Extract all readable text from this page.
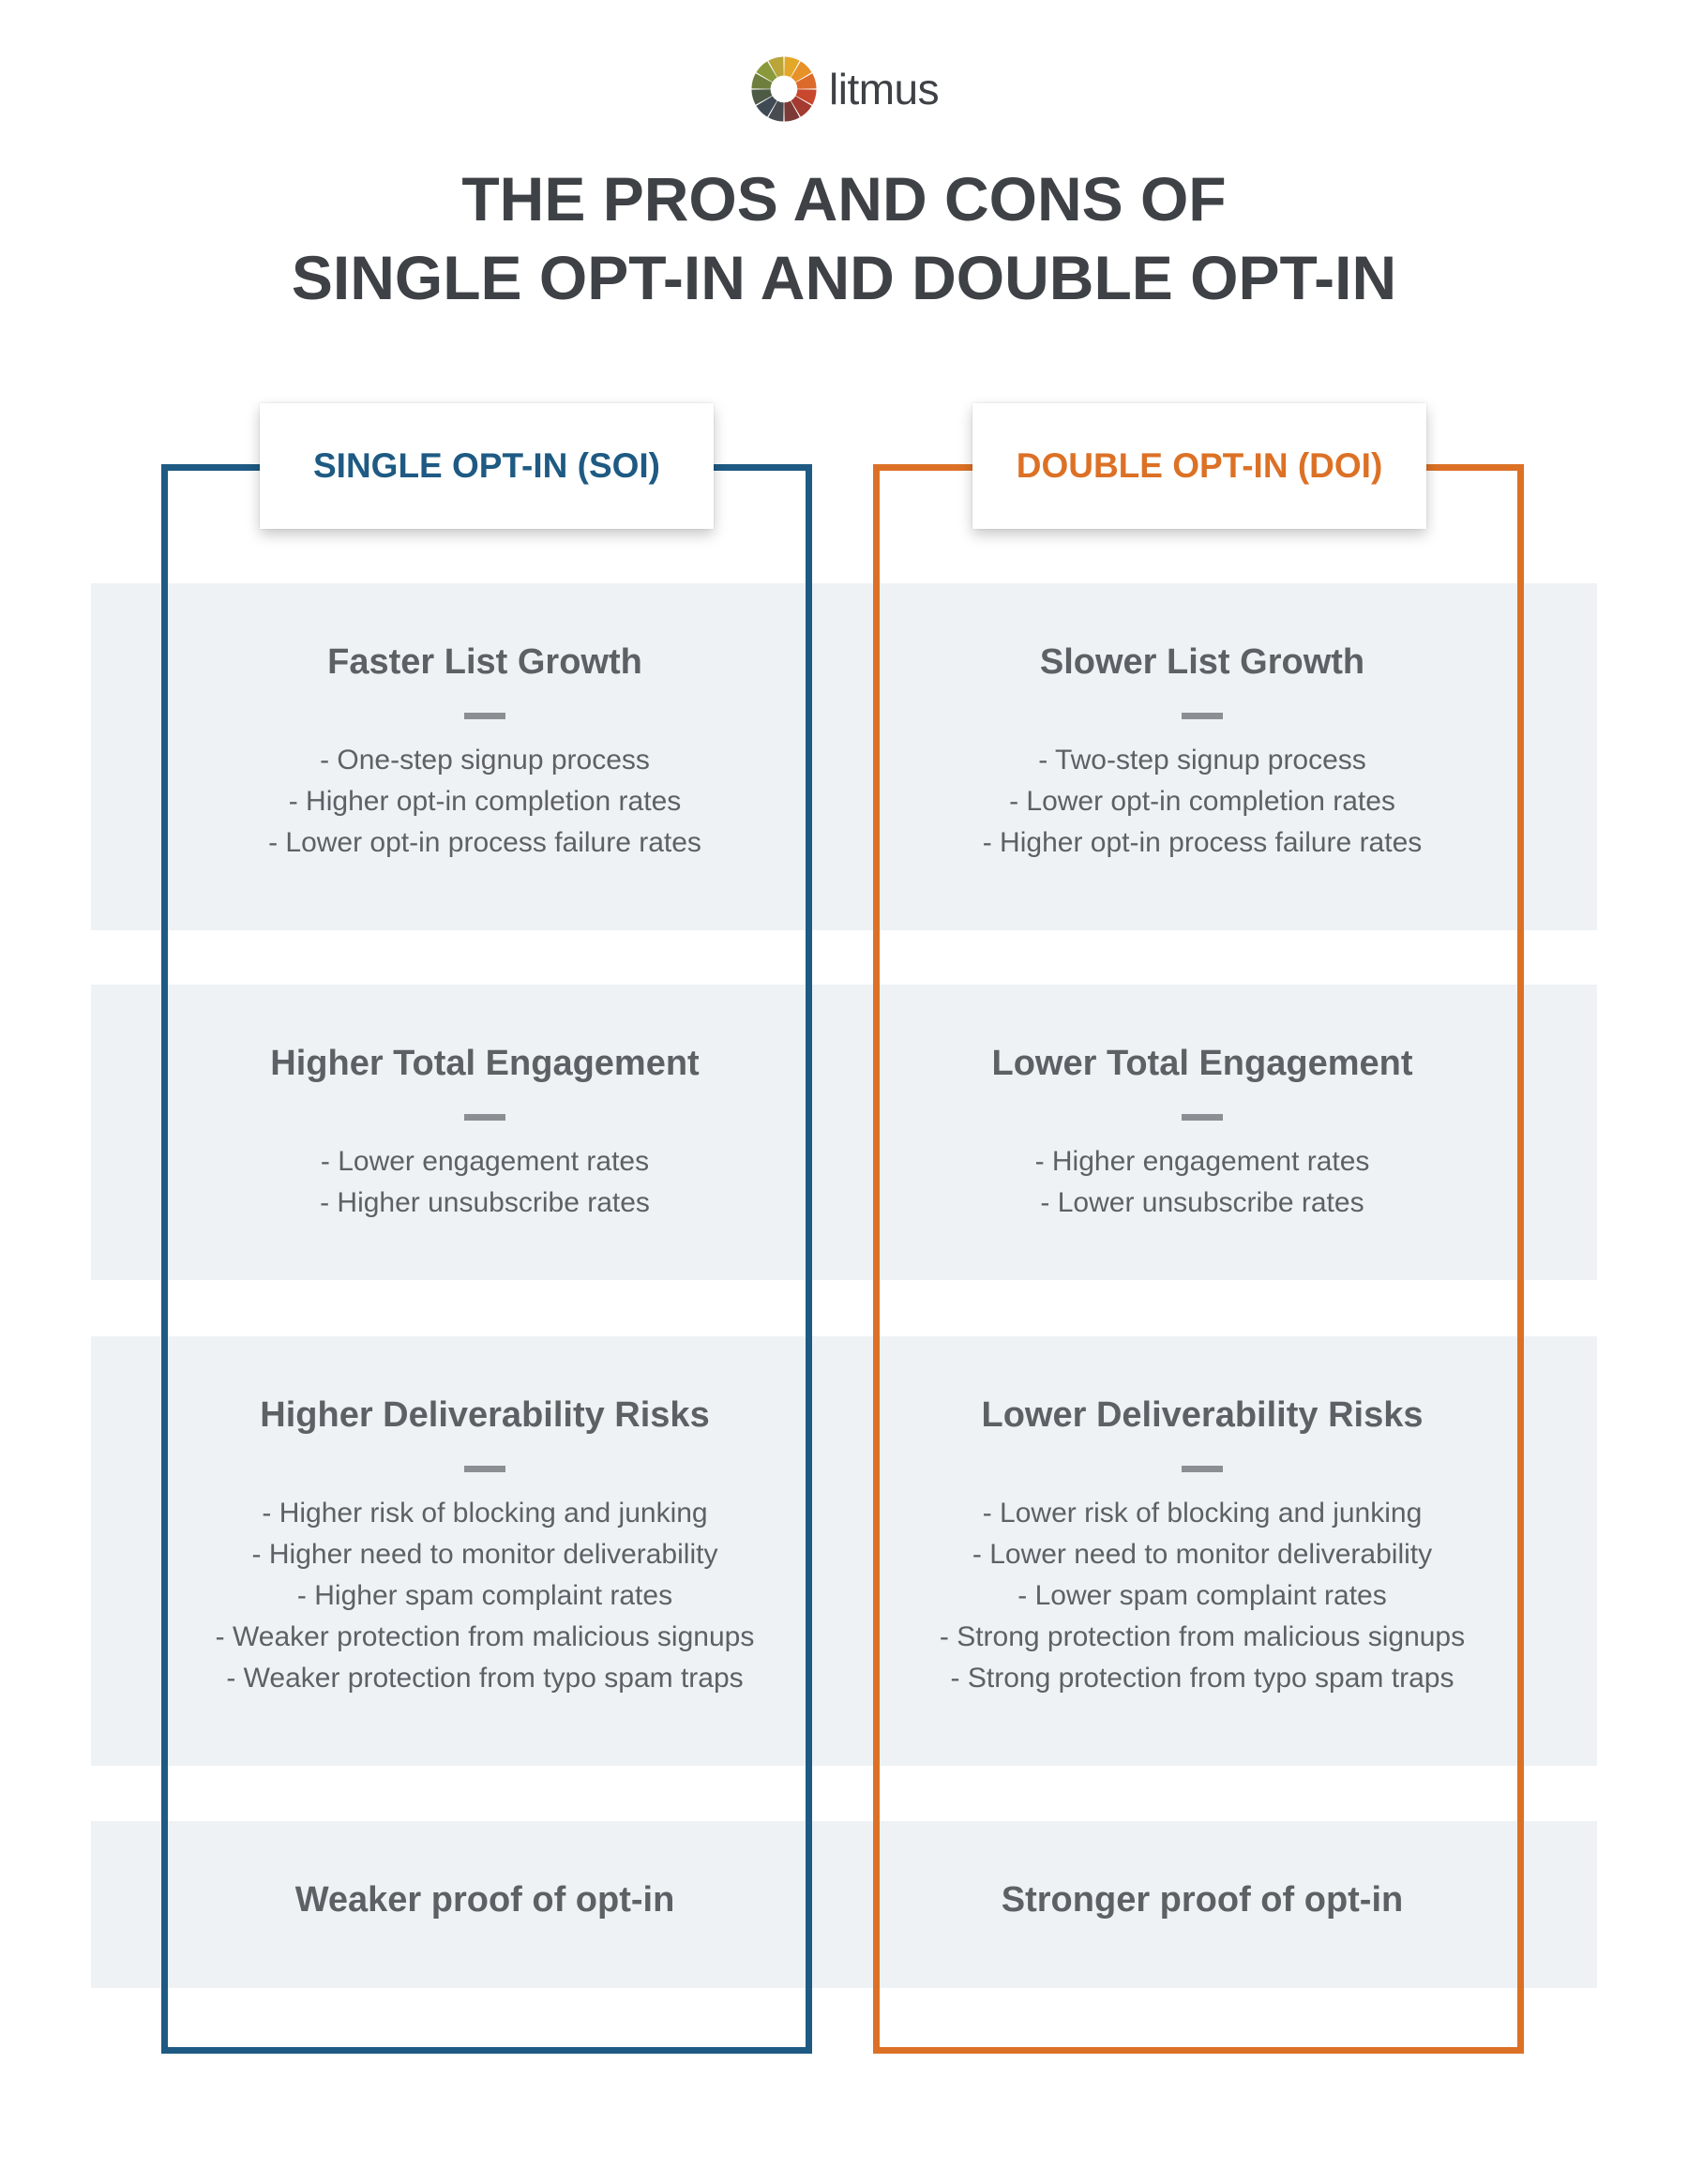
litmus
THE PROS AND CONS OF
SINGLE OPT-IN AND DOUBLE OPT-IN
SINGLE OPT-IN (SOI)	DOUBLE OPT-IN (DOI)
Faster List Growth
- One-step signup process
- Higher opt-in completion rates
- Lower opt-in process failure rates
Higher Total Engagement
- Lower engagement rates
- Higher unsubscribe rates
Higher Deliverability Risks
- Higher risk of blocking and junking
- Higher need to monitor deliverability
- Higher spam complaint rates
- Weaker protection from malicious signups
- Weaker protection from typo spam traps
Weaker proof of opt-in
Slower List Growth
- Two-step signup process
- Lower opt-in completion rates
- Higher opt-in process failure rates
Lower Total Engagement
- Higher engagement rates
- Lower unsubscribe rates
Lower Deliverability Risks
- Lower risk of blocking and junking
- Lower need to monitor deliverability
- Lower spam complaint rates
- Strong protection from malicious signups
- Strong protection from typo spam traps
Stronger proof of opt-in
